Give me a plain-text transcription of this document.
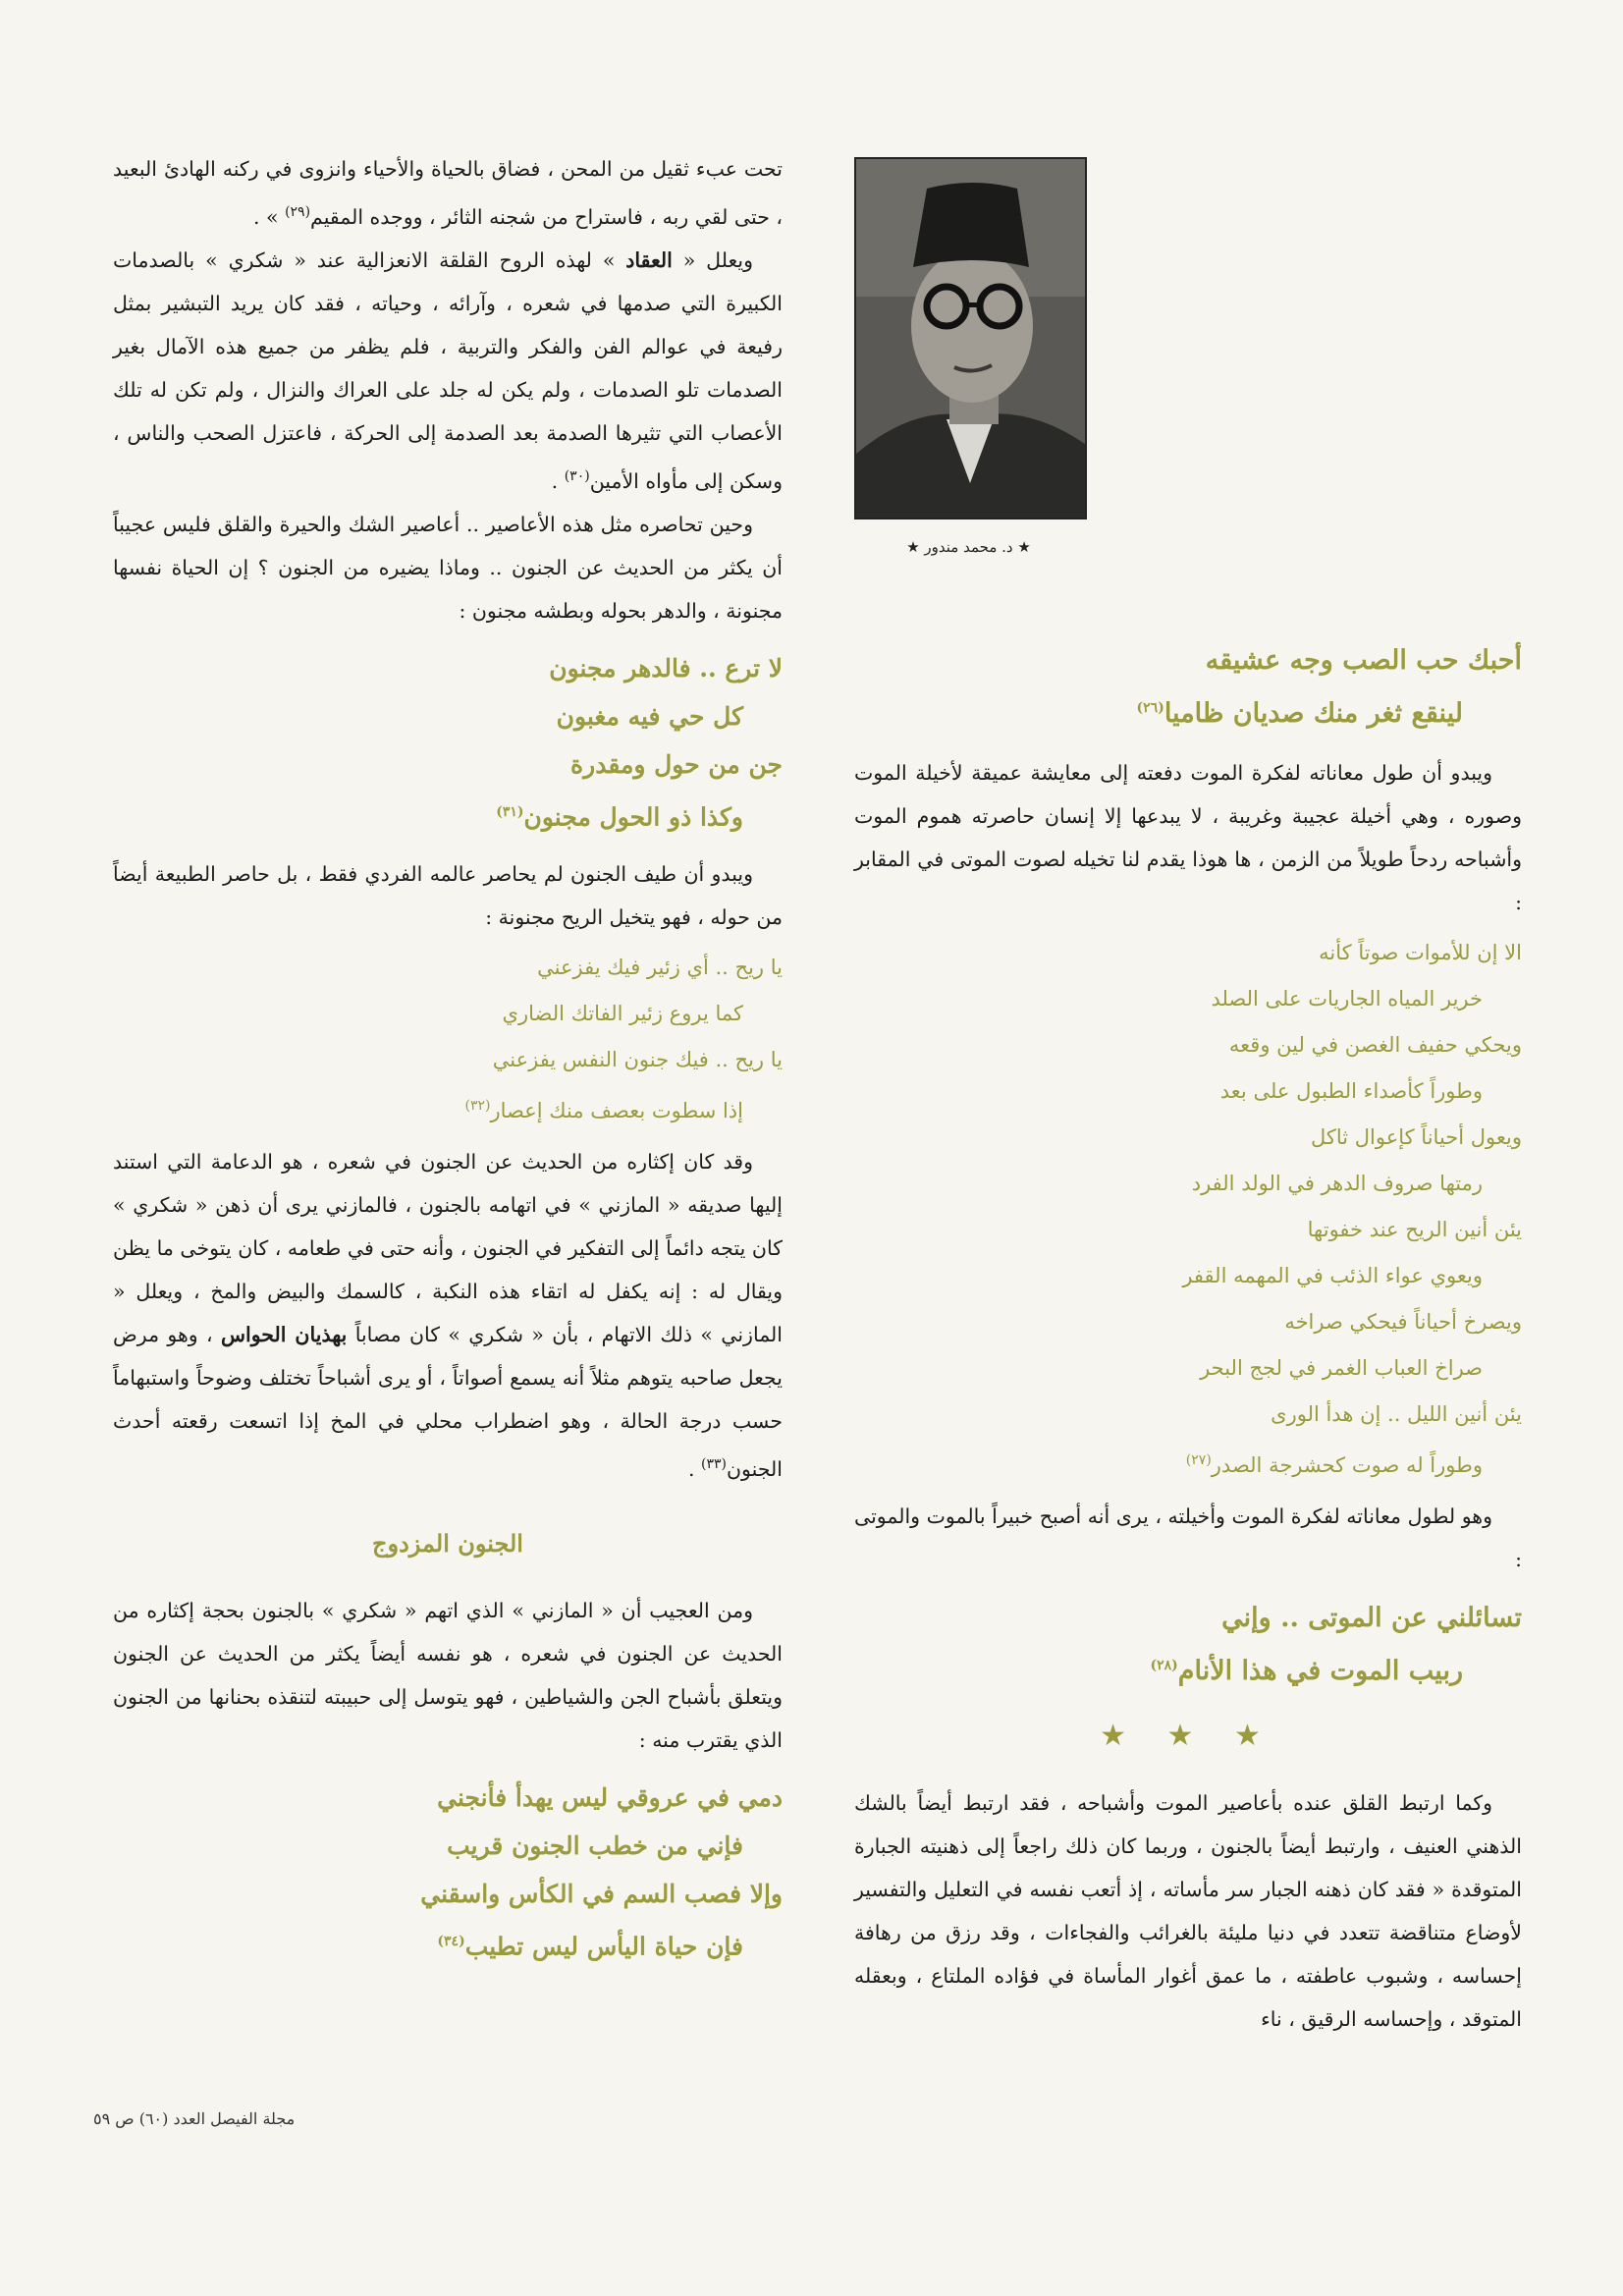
★ د. محمد مندور ★
أحبك حب الصب وجه عشيقه
لينقع ثغر منك صديان ظاميا$^{(٢٦)}$

ويبدو أن طول معاناته لفكرة الموت دفعته إلى معايشة عميقة لأخيلة الموت وصوره ، وهي أخيلة عجيبة وغريبة ، لا يبدعها إلا إنسان حاصرته هموم الموت وأشباحه ردحاً طويلاً من الزمن ، ها هوذا يقدم لنا تخيله لصوت الموتى في المقابر :

الا إن للأموات صوتاً كأنه
خرير المياه الجاريات على الصلد
ويحكي حفيف الغصن في لين وقعه
وطوراً كأصداء الطبول على بعد
ويعول أحياناً كإعوال ثاكل
رمتها صروف الدهر في الولد الفرد
يئن أنين الريح عند خفوتها
ويعوي عواء الذئب في المهمه القفر
ويصرخ أحياناً فيحكي صراخه
صراخ العباب الغمر في لجج البحر
يئن أنين الليل .. إن هدأ الورى
وطوراً له صوت كحشرجة الصدر$^{(٢٧)}$

وهو لطول معاناته لفكرة الموت وأخيلته ، يرى أنه أصبح خبيراً بالموت والموتى :

تسائلني عن الموتى .. وإني
ربيب الموت في هذا الأنام$^{(٢٨)}$
★ ★ ★

وكما ارتبط القلق عنده بأعاصير الموت وأشباحه ، فقد ارتبط أيضاً بالشك الذهني العنيف ، وارتبط أيضاً بالجنون ، وربما كان ذلك راجعاً إلى ذهنيته الجبارة المتوقدة « فقد كان ذهنه الجبار سر مأساته ، إذ أتعب نفسه في التعليل والتفسير لأوضاع متناقضة تتعدد في دنيا مليئة بالغرائب والفجاءات ، وقد رزق من رهافة إحساسه ، وشبوب عاطفته ، ما عمق أغوار المأساة في فؤاده الملتاع ، وبعقله المتوقد ، وإحساسه الرقيق ، ناء

تحت عبء ثقيل من المحن ، فضاق بالحياة والأحياء وانزوى في ركنه الهادئ البعيد ، حتى لقي ربه ، فاستراح من شجنه الثائر ، ووجده المقيم$^{(٢٩)}$ » .

ويعلل « العقاد » لهذه الروح القلقة الانعزالية عند « شكري » بالصدمات الكبيرة التي صدمها في شعره ، وآرائه ، وحياته ، فقد كان يريد التبشير بمثل رفيعة في عوالم الفن والفكر والتربية ، فلم يظفر من جميع هذه الآمال بغير الصدمات تلو الصدمات ، ولم يكن له جلد على العراك والنزال ، ولم تكن له تلك الأعصاب التي تثيرها الصدمة بعد الصدمة إلى الحركة ، فاعتزل الصحب والناس ، وسكن إلى مأواه الأمين$^{(٣٠)}$ .

وحين تحاصره مثل هذه الأعاصير .. أعاصير الشك والحيرة والقلق فليس عجيباً أن يكثر من الحديث عن الجنون .. وماذا يضيره من الجنون ؟ إن الحياة نفسها مجنونة ، والدهر بحوله وبطشه مجنون :

لا ترع .. فالدهر مجنون
كل حي فيه مغبون
جن من حول ومقدرة
وكذا ذو الحول مجنون$^{(٣١)}$

ويبدو أن طيف الجنون لم يحاصر عالمه الفردي فقط ، بل حاصر الطبيعة أيضاً من حوله ، فهو يتخيل الريح مجنونة :

يا ريح .. أي زئير فيك يفزعني
كما يروع زئير الفاتك الضاري
يا ريح .. فيك جنون النفس يفزعني
إذا سطوت بعصف منك إعصار$^{(٣٢)}$

وقد كان إكثاره من الحديث عن الجنون في شعره ، هو الدعامة التي استند إليها صديقه « المازني » في اتهامه بالجنون ، فالمازني يرى أن ذهن « شكري » كان يتجه دائماً إلى التفكير في الجنون ، وأنه حتى في طعامه ، كان يتوخى ما يظن ويقال له : إنه يكفل له اتقاء هذه النكبة ، كالسمك والبيض والمخ ، ويعلل « المازني » ذلك الاتهام ، بأن « شكري » كان مصاباً بهذيان الحواس ، وهو مرض يجعل صاحبه يتوهم مثلاً أنه يسمع أصواتاً ، أو يرى أشباحاً تختلف وضوحاً واستبهاماً حسب درجة الحالة ، وهو اضطراب محلي في المخ إذا اتسعت رقعته أحدث الجنون$^{(٣٣)}$ .

الجنون المزدوج

ومن العجيب أن « المازني » الذي اتهم « شكري » بالجنون بحجة إكثاره من الحديث عن الجنون في شعره ، هو نفسه أيضاً يكثر من الحديث عن الجنون ويتعلق بأشباح الجن والشياطين ، فهو يتوسل إلى حبيبته لتنقذه بحنانها من الجنون الذي يقترب منه :

دمي في عروقي ليس يهدأ فأنجني
فإني من خطب الجنون قريب
وإلا فصب السم في الكأس واسقني
فإن حياة اليأس ليس تطيب$^{(٣٤)}$
مجلة الفيصل العدد (٦٠) ص ٥٩
